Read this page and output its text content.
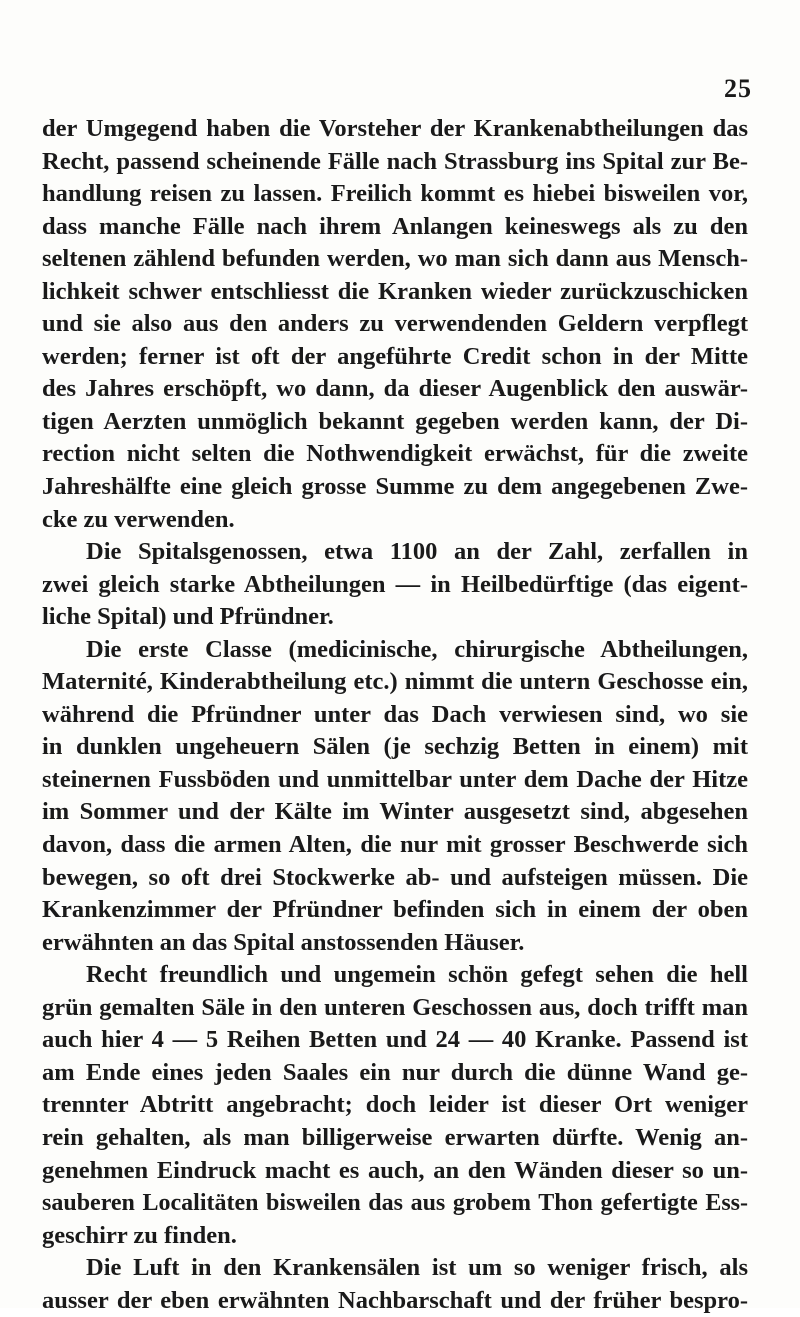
25
der Umgegend haben die Vorsteher der Krankenabtheilungen das
Recht, passend scheinende Fälle nach Strassburg ins Spital zur Be-
handlung reisen zu lassen. Freilich kommt es hiebei bisweilen vor,
dass manche Fälle nach ihrem Anlangen keineswegs als zu den
seltenen zählend befunden werden, wo man sich dann aus Mensch-
lichkeit schwer entschliesst die Kranken wieder zurückzuschicken
und sie also aus den anders zu verwendenden Geldern verpflegt
werden; ferner ist oft der angeführte Credit schon in der Mitte
des Jahres erschöpft, wo dann, da dieser Augenblick den auswär-
tigen Aerzten unmöglich bekannt gegeben werden kann, der Di-
rection nicht selten die Nothwendigkeit erwächst, für die zweite
Jahreshälfte eine gleich grosse Summe zu dem angegebenen Zwe-
cke zu verwenden.
Die Spitalsgenossen, etwa 1100 an der Zahl, zerfallen in
zwei gleich starke Abtheilungen — in Heilbedürftige (das eigent-
liche Spital) und Pfründner.
Die erste Classe (medicinische, chirurgische Abtheilungen,
Maternité, Kinderabtheilung etc.) nimmt die untern Geschosse ein,
während die Pfründner unter das Dach verwiesen sind, wo sie
in dunklen ungeheuern Sälen (je sechzig Betten in einem) mit
steinernen Fussböden und unmittelbar unter dem Dache der Hitze
im Sommer und der Kälte im Winter ausgesetzt sind, abgesehen
davon, dass die armen Alten, die nur mit grosser Beschwerde sich
bewegen, so oft drei Stockwerke ab- und aufsteigen müssen. Die
Krankenzimmer der Pfründner befinden sich in einem der oben
erwähnten an das Spital anstossenden Häuser.
Recht freundlich und ungemein schön gefegt sehen die hell
grün gemalten Säle in den unteren Geschossen aus, doch trifft man
auch hier 4 — 5 Reihen Betten und 24 — 40 Kranke. Passend ist
am Ende eines jeden Saales ein nur durch die dünne Wand ge-
trennter Abtritt angebracht; doch leider ist dieser Ort weniger
rein gehalten, als man billigerweise erwarten dürfte. Wenig an-
genehmen Eindruck macht es auch, an den Wänden dieser so un-
sauberen Localitäten bisweilen das aus grobem Thon gefertigte Ess-
geschirr zu finden.
Die Luft in den Krankensälen ist um so weniger frisch, als
ausser der eben erwähnten Nachbarschaft und der früher bespro-
